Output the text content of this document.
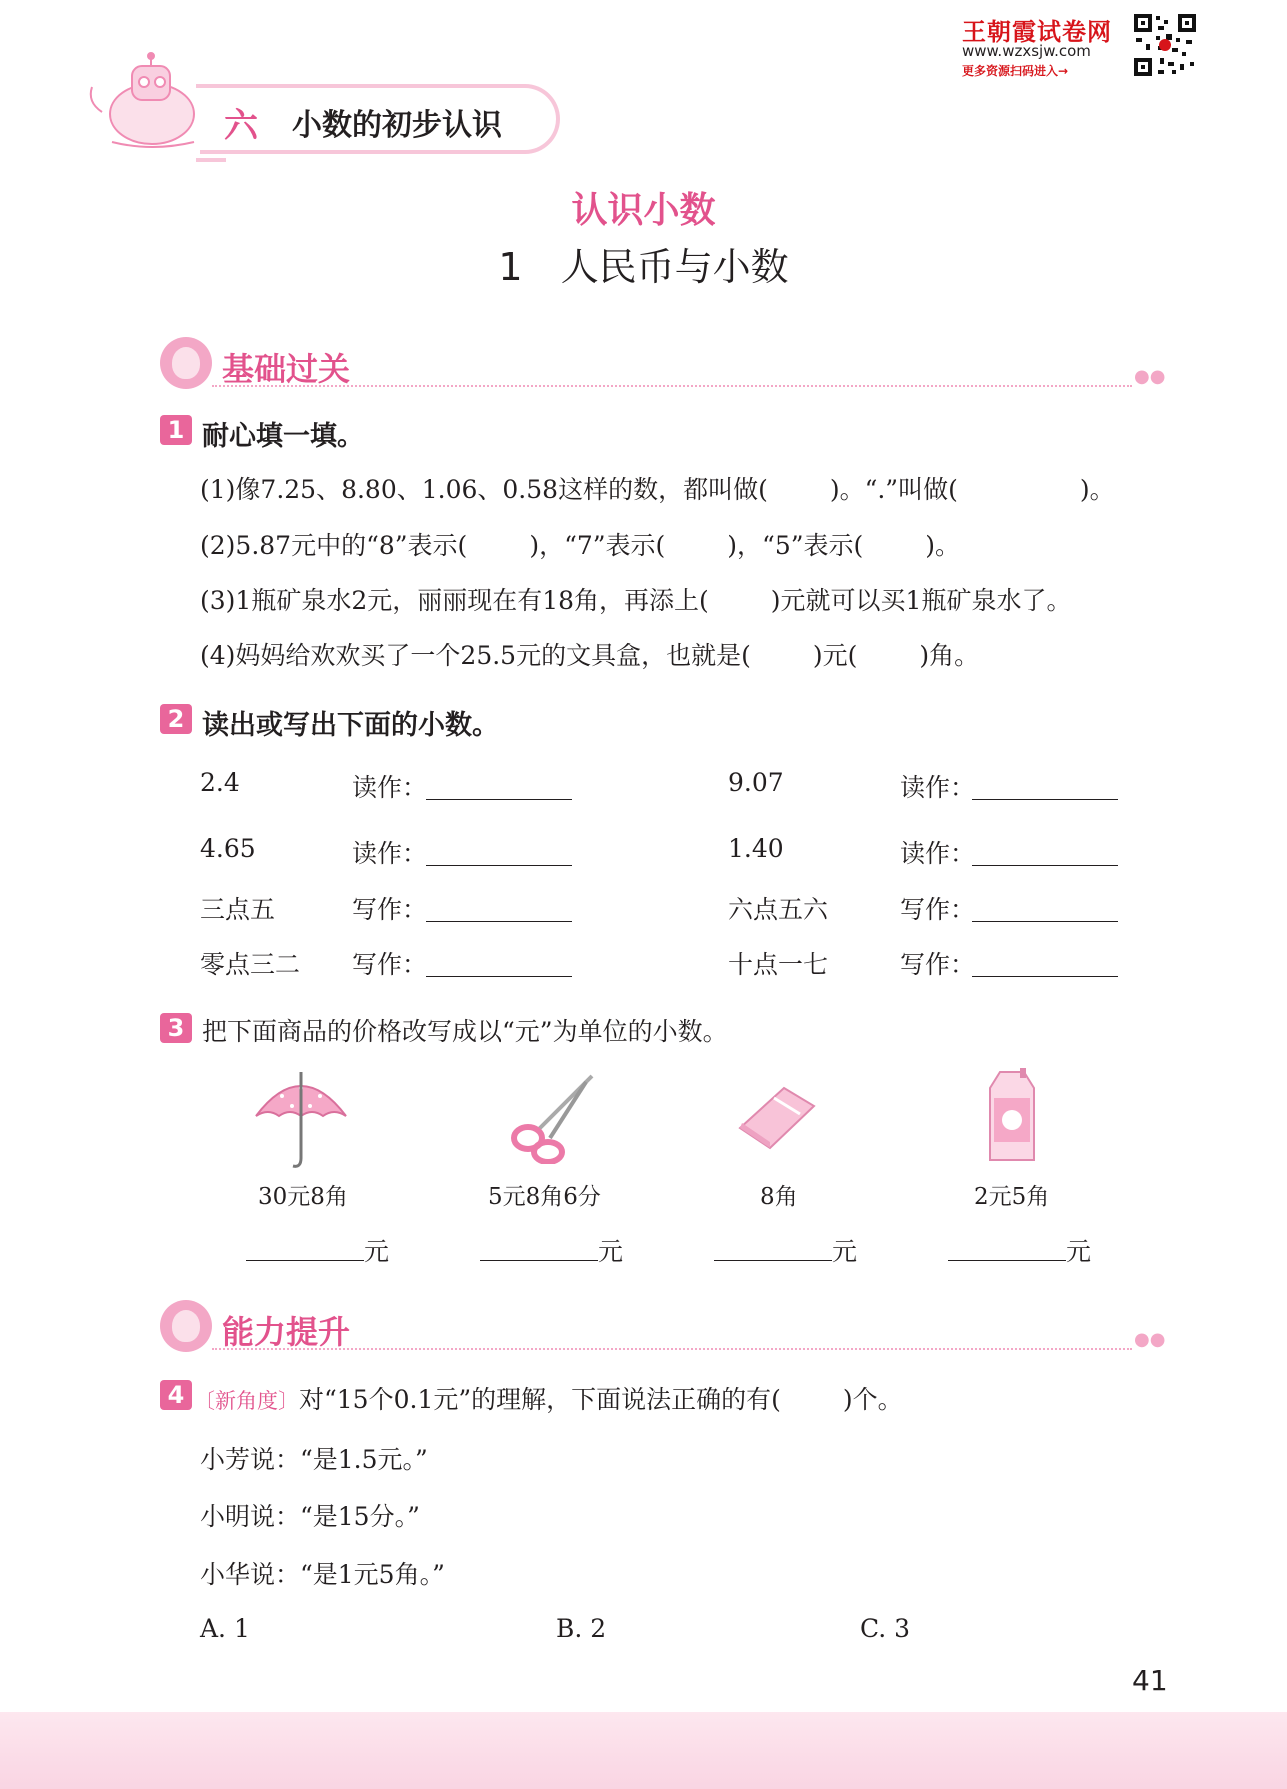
六 小数的初步认识
王朝霞试卷网
www.wzxsjw.com
更多资源扫码进入→
认识小数
1　人民币与小数
基础过关	●●
1 耐心填一填。
(1)像7.25、8.80、1.06、0.58这样的数，都叫做( )。“.”叫做(	)。
(2)5.87元中的“8”表示( )，“7”表示( )，“5”表示( )。
(3)1瓶矿泉水2元，丽丽现在有18角，再添上( )元就可以买1瓶矿泉水了。
(4)妈妈给欢欢买了一个25.5元的文具盒，也就是( )元( )角。
2 读出或写出下面的小数。
2.4	读作：	9.07	读作：
4.65	读作：	1.40	读作：
三点五	写作：	六点五六	写作：
零点三二 写作：	十点一七	写作：
3 把下面商品的价格改写成以“元”为单位的小数。
30元8角	5元8角6分	8角	2元5角
元	元	元	元
能力提升	●●
4 〔新角度〕对“15个0.1元”的理解，下面说法正确的有( )个。
小芳说：“是1.5元。”
小明说：“是15分。”
小华说：“是1元5角。”
A. 1	B. 2	C. 3
41
